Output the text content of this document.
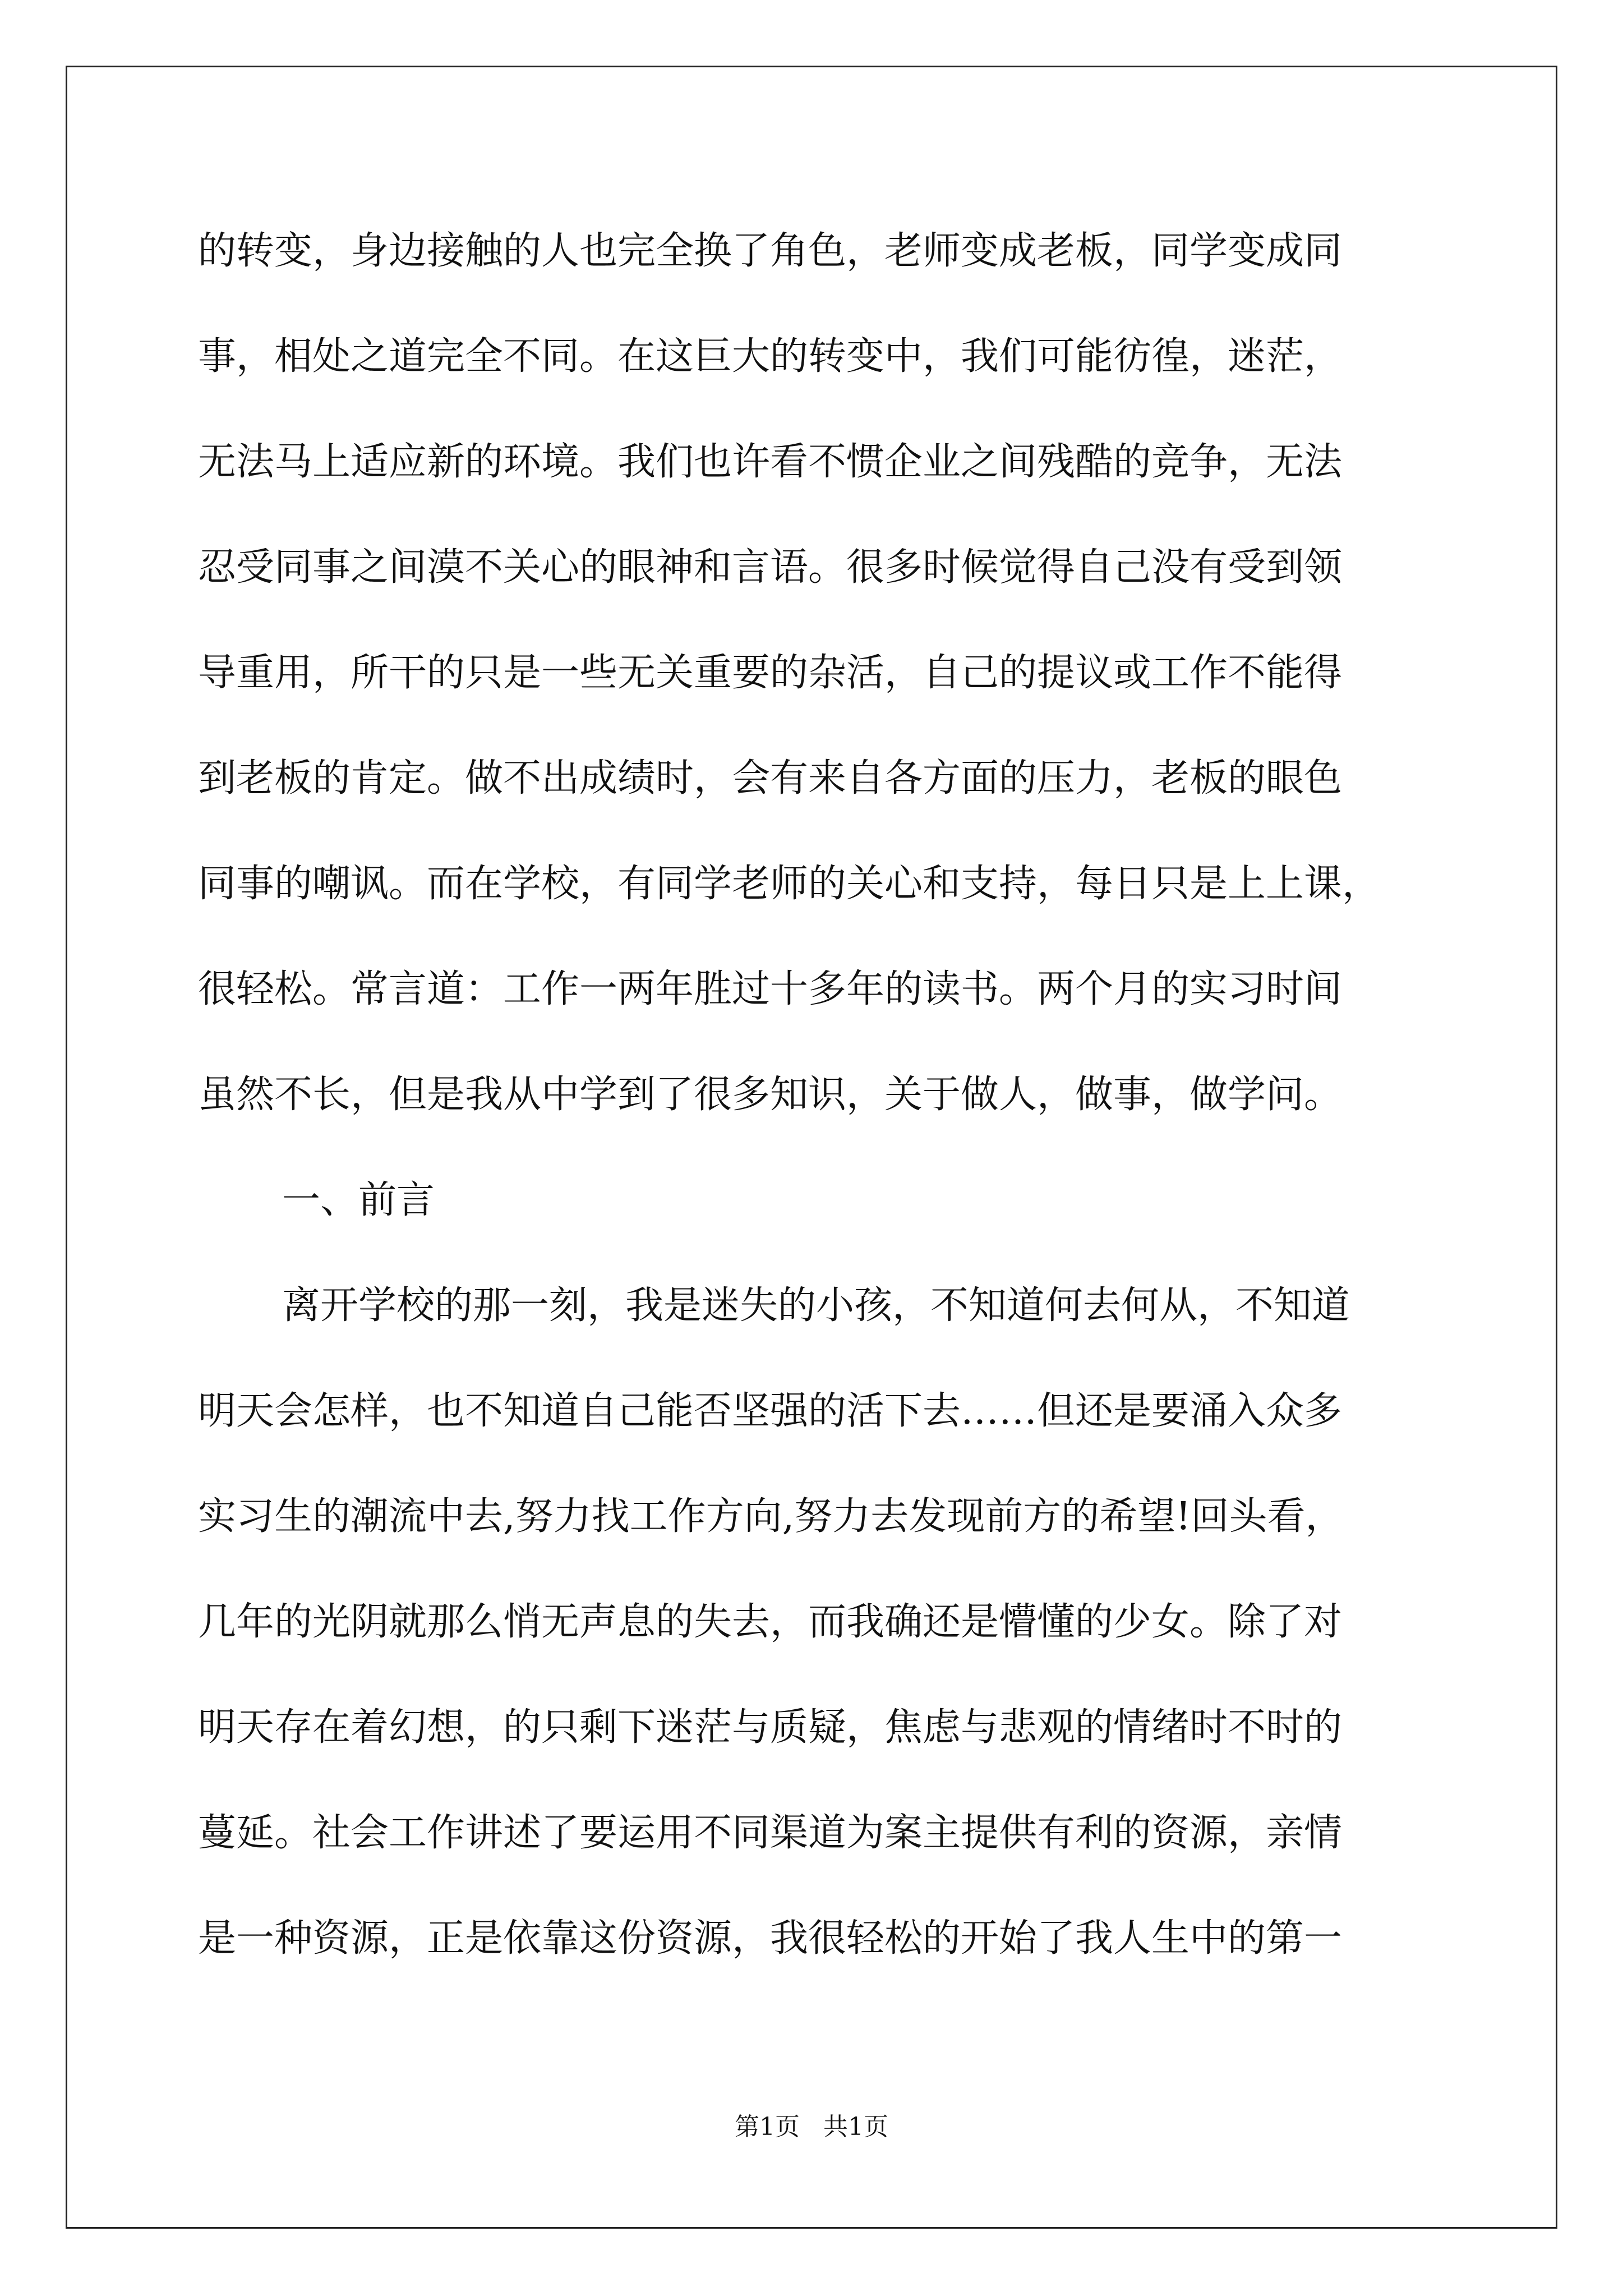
的转变，身边接触的人也完全换了角色，老师变成老板，同学变成同
事，相处之道完全不同。在这巨大的转变中，我们可能彷徨，迷茫，
无法马上适应新的环境。我们也许看不惯企业之间残酷的竞争，无法
忍受同事之间漠不关心的眼神和言语。很多时候觉得自己没有受到领
导重用，所干的只是一些无关重要的杂活，自己的提议或工作不能得
到老板的肯定。做不出成绩时，会有来自各方面的压力，老板的眼色
同事的嘲讽。而在学校，有同学老师的关心和支持，每日只是上上课，
很轻松。常言道：工作一两年胜过十多年的读书。两个月的实习时间
虽然不长，但是我从中学到了很多知识，关于做人，做事，做学问。
一、前言
离开学校的那一刻，我是迷失的小孩，不知道何去何从，不知道
明天会怎样，也不知道自己能否坚强的活下去……但还是要涌入众多
实习生的潮流中去,努力找工作方向,努力去发现前方的希望!回头看，
几年的光阴就那么悄无声息的失去，而我确还是懵懂的少女。除了对
明天存在着幻想，的只剩下迷茫与质疑，焦虑与悲观的情绪时不时的
蔓延。社会工作讲述了要运用不同渠道为案主提供有利的资源，亲情
是一种资源，正是依靠这份资源，我很轻松的开始了我人生中的第一
第1页   共1页
